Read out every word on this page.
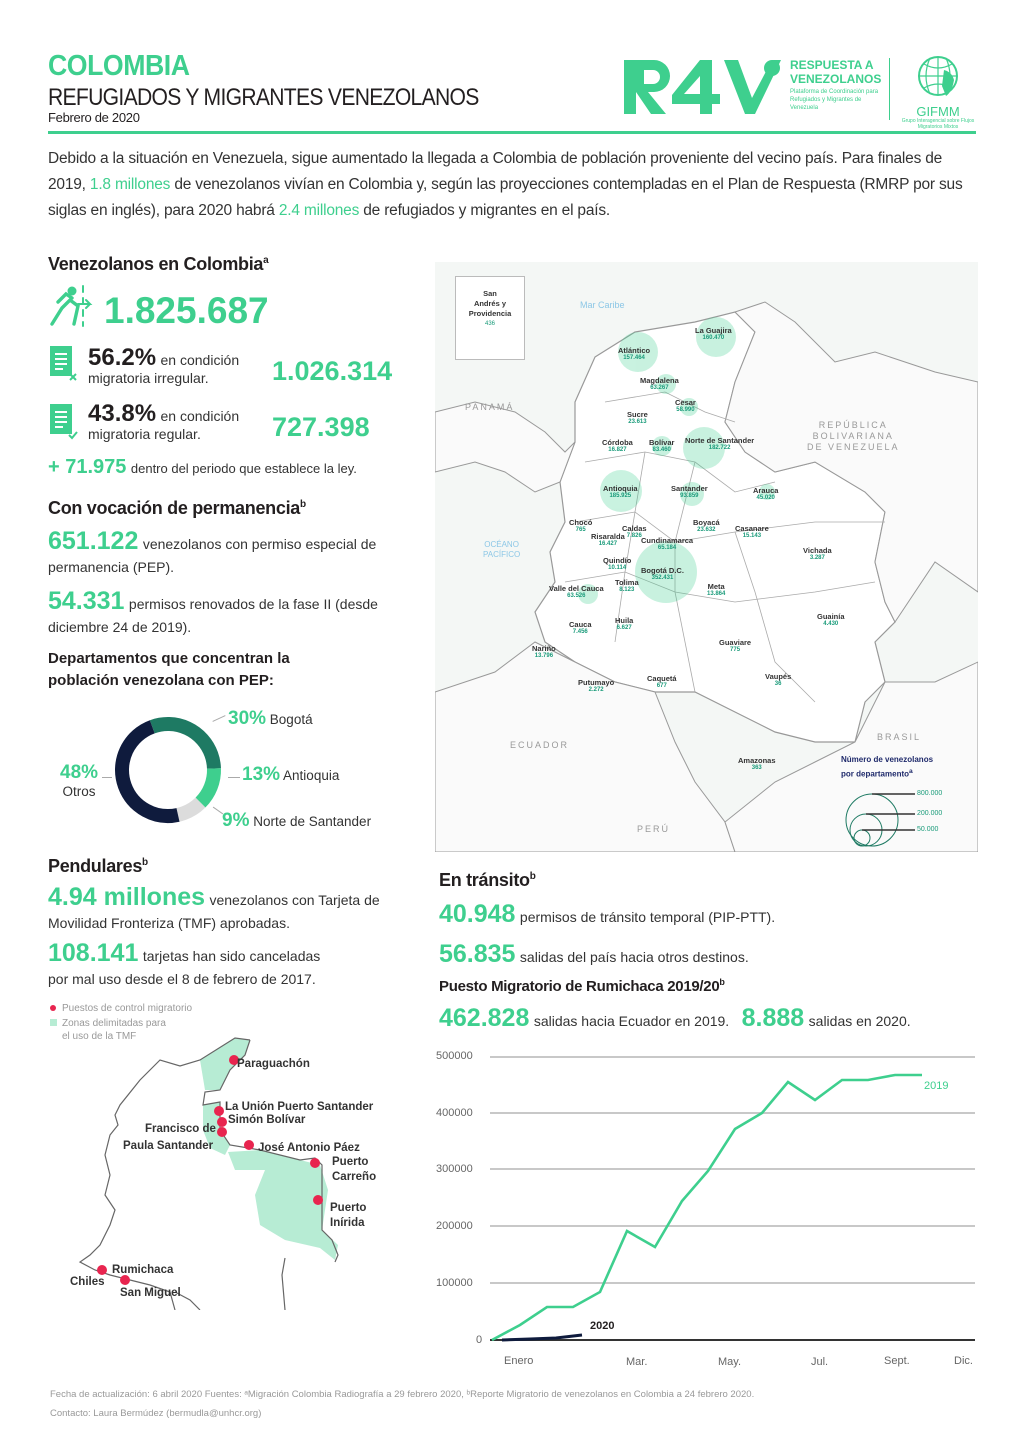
COLOMBIA
REFUGIADOS Y MIGRANTES VENEZOLANOS
Febrero de 2020
RESPUESTA A
VENEZOLANOS
Plataforma de Coordinación para Refugiados y Migrantes de Venezuela	GIFMM
Grupo Interagencial sobre Flujos Migratorios Mixtos
Debido a la situación en Venezuela, sigue aumentado la llegada a Colombia de población proveniente del vecino país. Para finales de 2019, 1.8 millones de venezolanos vivían en Colombia y, según las proyecciones contempladas en el Plan de Respuesta (RMRP por sus siglas en inglés), para 2020 habrá 2.4 millones de refugiados y migrantes en el país.
Venezolanos en Colombia$^a$
1.825.687
56.2% en condición
migratoria irregular.	1.026.314
43.8% en condición
migratoria regular.	727.398
+ 71.975 dentro del periodo que establece la ley.
Con vocación de permanencia$^b$
651.122 venezolanos con permiso especial de permanencia (PEP).
54.331 permisos renovados de la fase II (desde diciembre 24 de 2019).
Departamentos que concentran la
población venezolana con PEP:
30% Bogotá
13% Antioquia
9% Norte de Santander
48%
Otros
Pendulares$^b$
4.94 millones venezolanos con Tarjeta de Movilidad Fronteriza (TMF) aprobadas.
108.141 tarjetas han sido canceladas
por mal uso desde el 8 de febrero de 2017.
Puestos de control migratorio
Zonas delimitadas para
el uso de la TMF
Paraguachón
La Unión Puerto Santander
Simón Bolívar
Francisco de
Paula Santander	José Antonio Páez
Puerto
Carreño
Puerto
Inírida
Rumichaca
Chiles
San Miguel
San
Andrés y
Providencia
436
Mar Caribe
OCÉANO
PACÍFICO
PANAMÁ
REPÚBLICA
BOLIVARIANA
DE VENEZUELA
ECUADOR
PERÚ
BRASIL
La Guajira
160.470
Atlántico
157.464
Magdalena
63.267
Cesar
58.990
Sucre
23.613
Córdoba
16.827
Bolívar
83.460
Norte de Santander
182.722
Antioquia
185.925
Santander
93.859
Arauca
45.020
Chocó
765	Caldas
7.826
Risaralda
16.427	Cundinamarca
65.184
Boyacá
23.632	Casanare
15.143
Quindío
10.114	Bogotá D.C.
352.431
Vichada
3.287
Valle del Cauca
63.526
Tolima
8.123	Meta
13.864
Cauca
7.456
Huila
6.627
Guainía
4.430
Nariño
13.796
Guaviare
775
Putumayo
2.272
Caquetá
677
Vaupés
36
Amazonas
363
Número de venezolanos
por departamento$^a$
800.000
200.000
50.000
En tránsito$^b$
40.948 permisos de tránsito temporal (PIP-PTT).
56.835 salidas del país hacia otros destinos.
Puesto Migratorio de Rumichaca 2019/20$^b$
462.828 salidas hacia Ecuador en 2019. 8.888 salidas en 2020.
2019
2020
500000
400000
300000
200000
100000
0
Enero	Mar.	May.	Jul.	Sept.	Dic.
Fecha de actualización: 6 abril 2020 Fuentes: ᵃMigración Colombia Radiografía a 29 febrero 2020, ᵇReporte Migratorio de venezolanos en Colombia a 24 febrero 2020.
Contacto: Laura Bermúdez (bermudla@unhcr.org)
